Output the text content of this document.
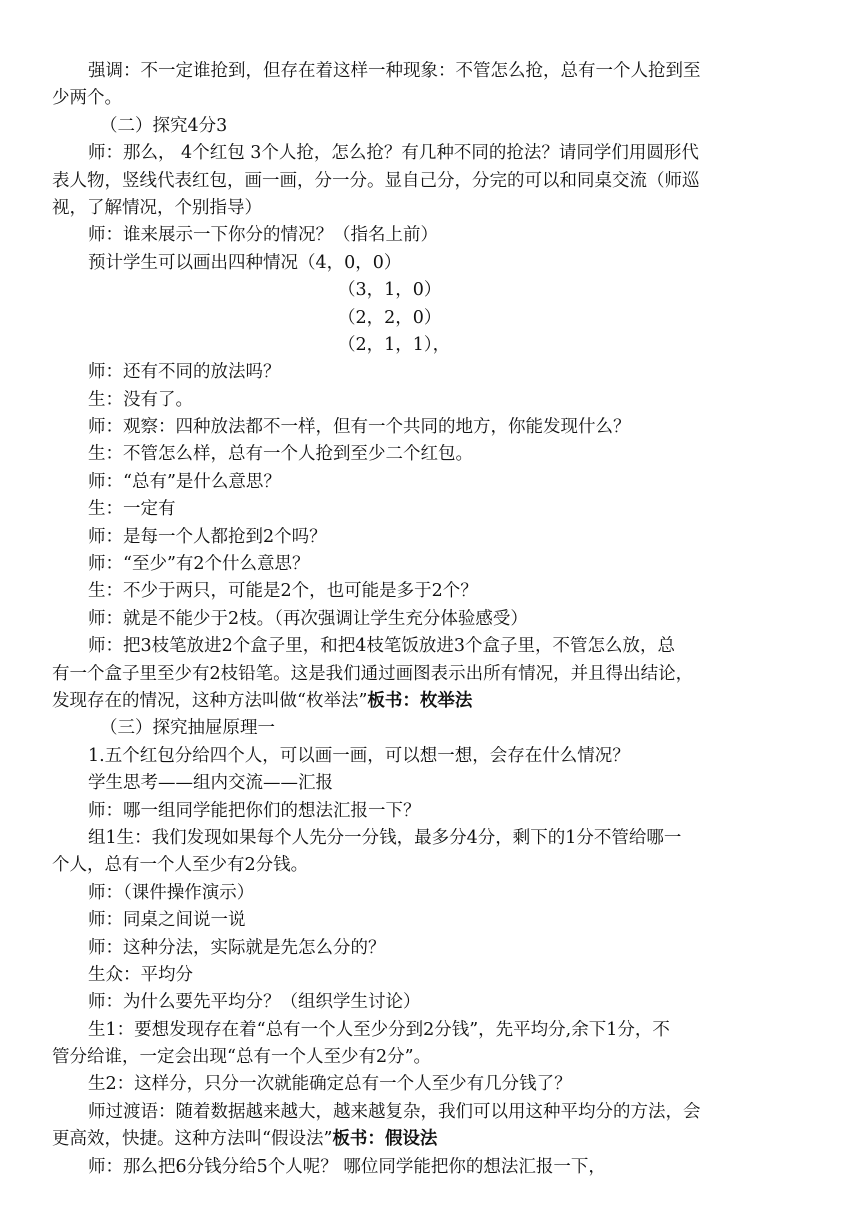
强调：不一定谁抢到，但存在着这样一种现象：不管怎么抢，总有一个人抢到至
少两个。
（二）探究4分3
师：那么， 4个红包 3个人抢，怎么抢？有几种不同的抢法？请同学们用圆形代
表人物，竖线代表红包，画一画，分一分。显自己分，分完的可以和同桌交流（师巡
视，了解情况，个别指导）
师：谁来展示一下你分的情况？（指名上前）
预计学生可以画出四种情况（4，0，0）
（3，1，0）
（2，2，0）
（2，1，1），
师：还有不同的放法吗？
生：没有了。
师：观察：四种放法都不一样，但有一个共同的地方，你能发现什么？
生：不管怎么样，总有一个人抢到至少二个红包。
师：“总有”是什么意思？
生：一定有
师：是每一个人都抢到2个吗？
师：“至少”有2个什么意思？
生：不少于两只，可能是2个，也可能是多于2个？
师：就是不能少于2枝。（再次强调让学生充分体验感受）
师：把3枝笔放进2个盒子里，和把4枝笔饭放进3个盒子里，不管怎么放，总
有一个盒子里至少有2枝铅笔。这是我们通过画图表示出所有情况，并且得出结论，
发现存在的情况，这种方法叫做“枚举法”板书：枚举法
（三）探究抽屉原理一
1.五个红包分给四个人，可以画一画，可以想一想，会存在什么情况？
学生思考——组内交流——汇报
师：哪一组同学能把你们的想法汇报一下？
组1生：我们发现如果每个人先分一分钱，最多分4分，剩下的1分不管给哪一
个人，总有一个人至少有2分钱。
师：（课件操作演示）
师：同桌之间说一说
师：这种分法，实际就是先怎么分的？
生众：平均分
师：为什么要先平均分？（组织学生讨论）
生1：要想发现存在着“总有一个人至少分到2分钱”，先平均分,余下1分，不
管分给谁，一定会出现“总有一个人至少有2分”。
生2：这样分，只分一次就能确定总有一个人至少有几分钱了？
师过渡语：随着数据越来越大，越来越复杂，我们可以用这种平均分的方法，会
更高效，快捷。这种方法叫“假设法”板书：假设法
师：那么把6分钱分给5个人呢？ 哪位同学能把你的想法汇报一下，
